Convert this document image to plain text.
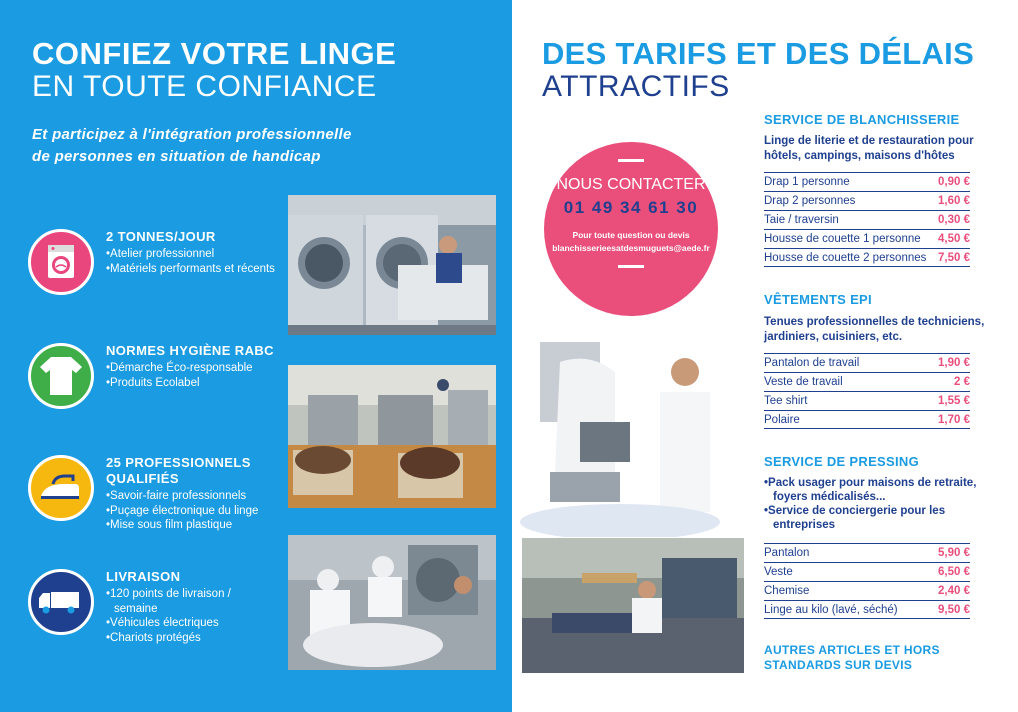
CONFIEZ VOTRE LINGE
EN TOUTE CONFIANCE
Et participez à l'intégration professionnelle
de personnes en situation de handicap
2 TONNES/JOUR
• Atelier professionnel
• Matériels performants et récents
NORMES HYGIÈNE RABC
• Démarche Éco-responsable
• Produits Ecolabel
25 PROFESSIONNELS QUALIFIÉS
• Savoir-faire professionnels
• Puçage électronique du linge
• Mise sous film plastique
LIVRAISON
• 120 points de livraison / semaine
• Véhicules électriques
• Chariots protégés
DES TARIFS ET DES DÉLAIS
ATTRACTIFS
NOUS CONTACTER
01 49 34 61 30
Pour toute question ou devis
blanchisserieesatdesmuguets@aede.fr
SERVICE DE BLANCHISSERIE
Linge de literie et de restauration pour hôtels, campings, maisons d'hôtes
Drap 1 personne	0,90 €
Drap 2 personnes	1,60 €
Taie / traversin	0,30 €
Housse de couette 1 personne 4,50 €
Housse de couette 2 personnes 7,50 €
VÊTEMENTS EPI
Tenues professionnelles de techniciens, jardiniers, cuisiniers, etc.
Pantalon de travail	1,90 €
Veste de travail	2 €
Tee shirt	1,55 €
Polaire	1,70 €
SERVICE DE PRESSING
• Pack usager pour maisons de retraite, foyers médicalisés...
• Service de conciergerie pour les entreprises
Pantalon	5,90 €
Veste	6,50 €
Chemise	2,40 €
Linge au kilo (lavé, séché)	9,50 €
AUTRES ARTICLES ET HORS
STANDARDS SUR DEVIS
